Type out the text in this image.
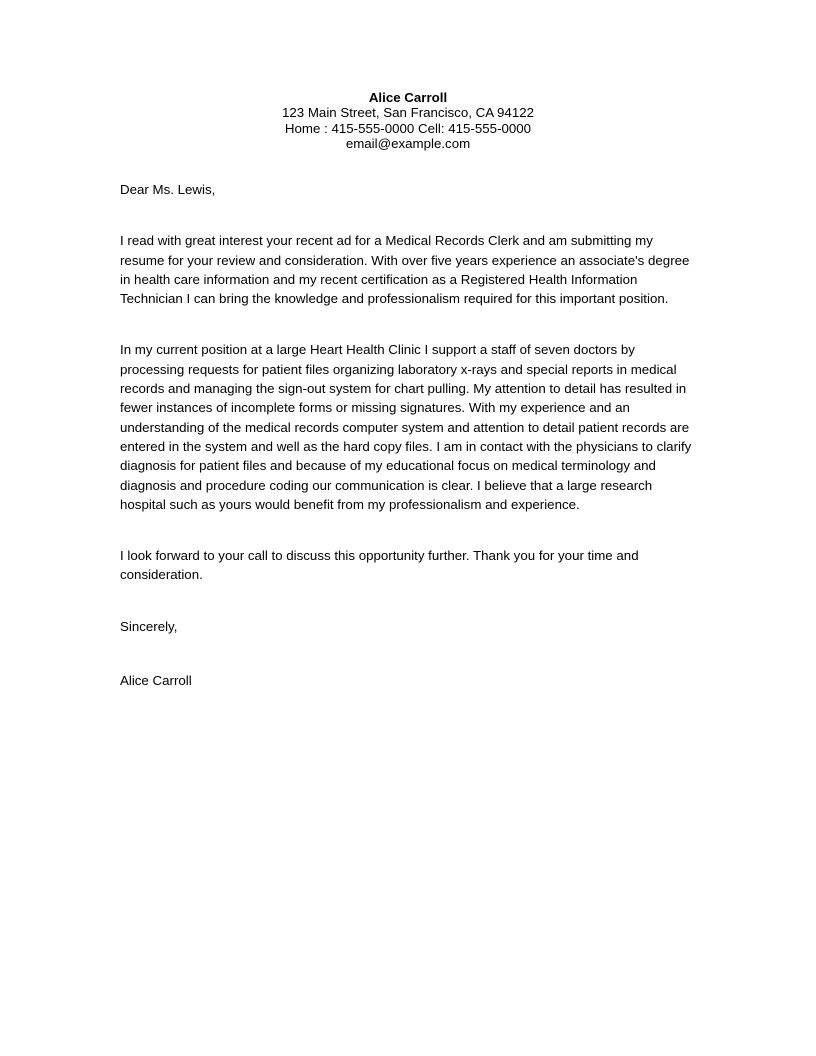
Alice Carroll
123 Main Street, San Francisco, CA 94122
Home : 415-555-0000 Cell: 415-555-0000
email@example.com

Dear Ms. Lewis,

I read with great interest your recent ad for a Medical Records Clerk and am submitting my resume for your review and consideration. With over five years experience an associate's degree in health care information and my recent certification as a Registered Health Information Technician I can bring the knowledge and professionalism required for this important position.

In my current position at a large Heart Health Clinic I support a staff of seven doctors by processing requests for patient files organizing laboratory x-rays and special reports in medical records and managing the sign-out system for chart pulling. My attention to detail has resulted in fewer instances of incomplete forms or missing signatures. With my experience and an understanding of the medical records computer system and attention to detail patient records are entered in the system and well as the hard copy files. I am in contact with the physicians to clarify diagnosis for patient files and because of my educational focus on medical terminology and diagnosis and procedure coding our communication is clear. I believe that a large research hospital such as yours would benefit from my professionalism and experience.

I look forward to your call to discuss this opportunity further. Thank you for your time and consideration.

Sincerely,

Alice Carroll
